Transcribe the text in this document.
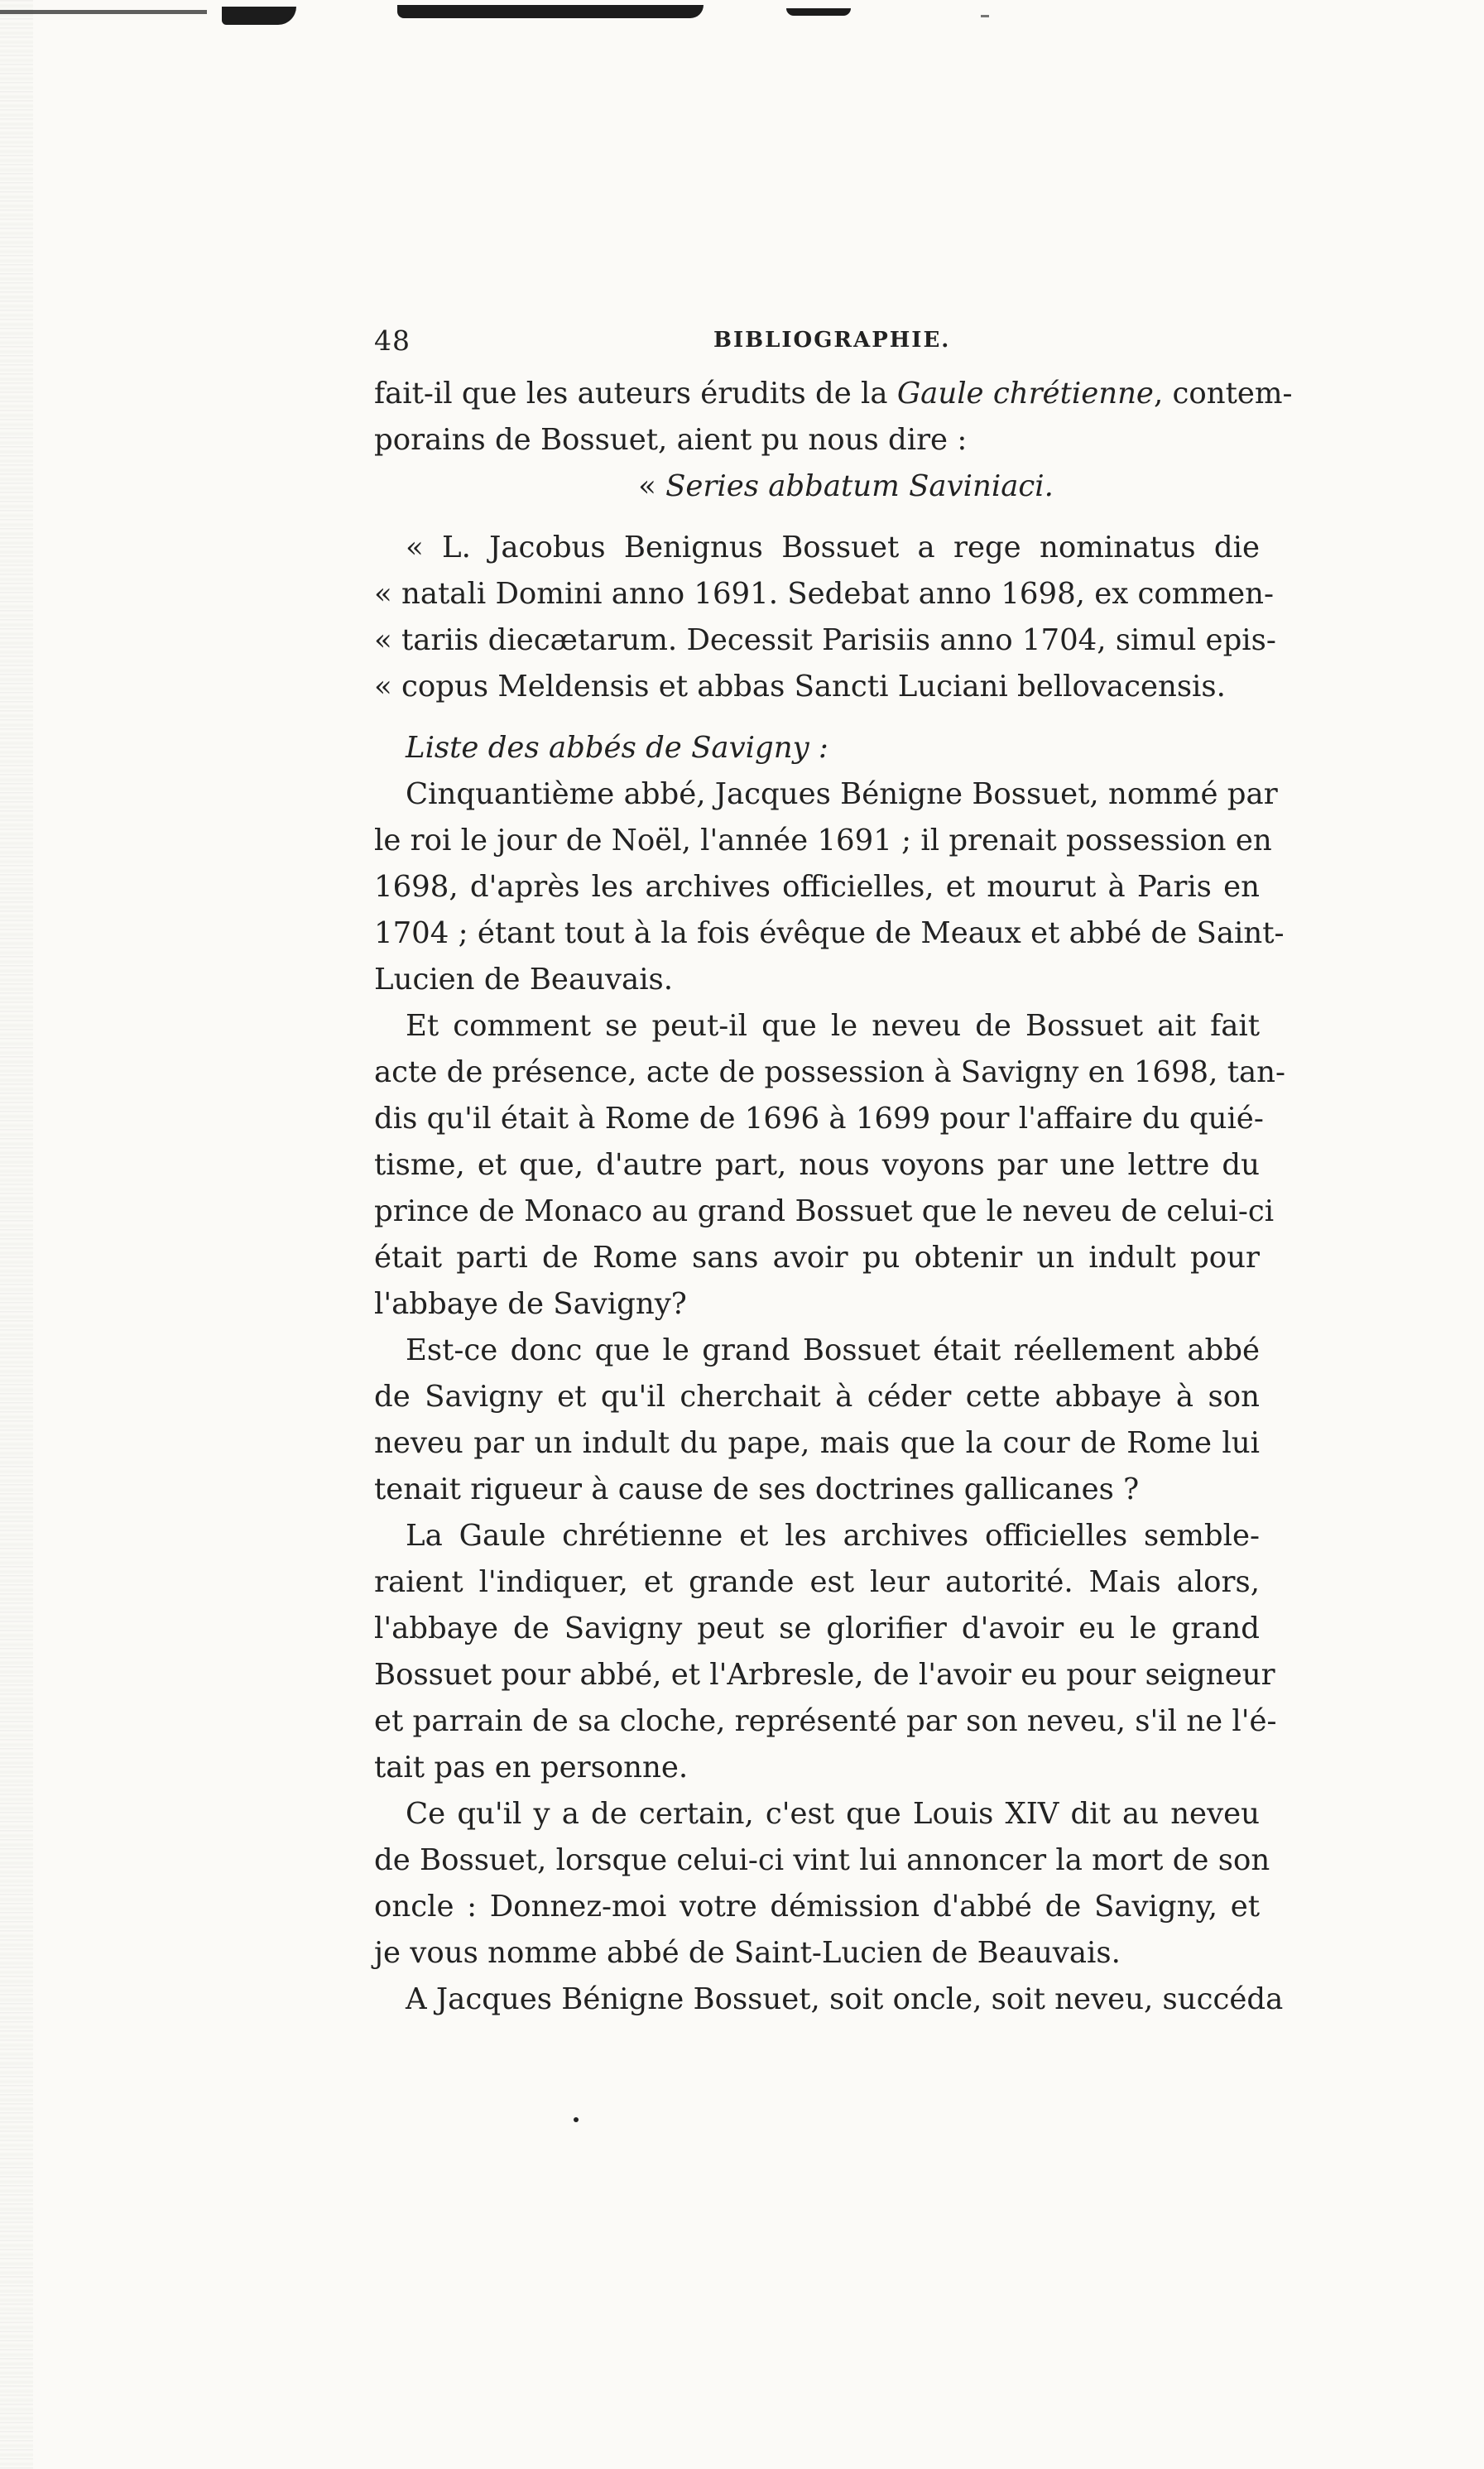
48	BIBLIOGRAPHIE.
fait-il que les auteurs érudits de la Gaule chrétienne, contem-
porains de Bossuet, aient pu nous dire :
« Series abbatum Saviniaci.
« L. Jacobus Benignus Bossuet a rege nominatus die
« natali Domini anno 1691. Sedebat anno 1698, ex commen-
« tariis diecætarum. Decessit Parisiis anno 1704, simul epis-
« copus Meldensis et abbas Sancti Luciani bellovacensis.
Liste des abbés de Savigny :
Cinquantième abbé, Jacques Bénigne Bossuet, nommé par
le roi le jour de Noël, l'année 1691 ; il prenait possession en
1698, d'après les archives officielles, et mourut à Paris en
1704 ; étant tout à la fois évêque de Meaux et abbé de Saint-
Lucien de Beauvais.
Et comment se peut-il que le neveu de Bossuet ait fait
acte de présence, acte de possession à Savigny en 1698, tan-
dis qu'il était à Rome de 1696 à 1699 pour l'affaire du quié-
tisme, et que, d'autre part, nous voyons par une lettre du
prince de Monaco au grand Bossuet que le neveu de celui-ci
était parti de Rome sans avoir pu obtenir un indult pour
l'abbaye de Savigny?
Est-ce donc que le grand Bossuet était réellement abbé
de Savigny et qu'il cherchait à céder cette abbaye à son
neveu par un indult du pape, mais que la cour de Rome lui
tenait rigueur à cause de ses doctrines gallicanes ?
La Gaule chrétienne et les archives officielles semble-
raient l'indiquer, et grande est leur autorité. Mais alors,
l'abbaye de Savigny peut se glorifier d'avoir eu le grand
Bossuet pour abbé, et l'Arbresle, de l'avoir eu pour seigneur
et parrain de sa cloche, représenté par son neveu, s'il ne l'é-
tait pas en personne.
Ce qu'il y a de certain, c'est que Louis XIV dit au neveu
de Bossuet, lorsque celui-ci vint lui annoncer la mort de son
oncle : Donnez-moi votre démission d'abbé de Savigny, et
je vous nomme abbé de Saint-Lucien de Beauvais.
A Jacques Bénigne Bossuet, soit oncle, soit neveu, succéda
